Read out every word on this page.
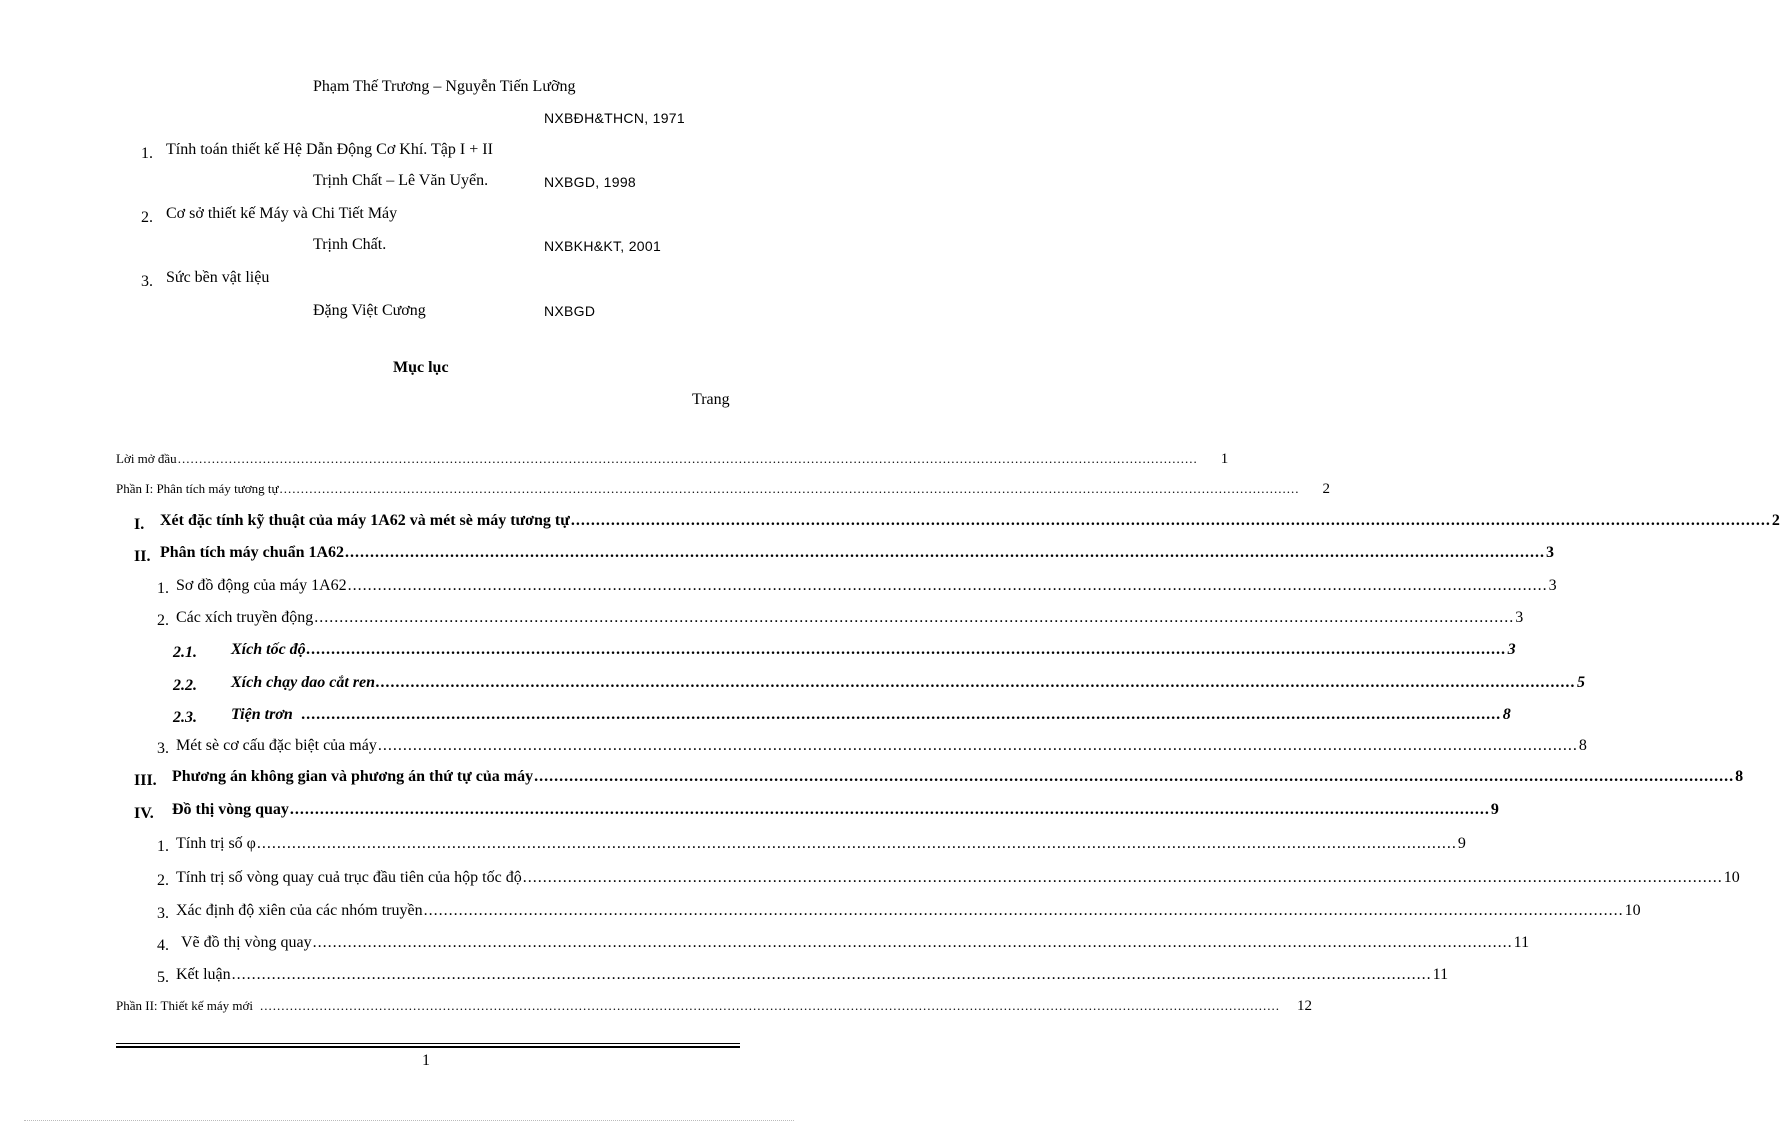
Phạm Thế Trương – Nguyễn Tiến Lưỡng
NXBĐH&THCN, 1971
1. Tính toán thiết kế Hệ Dẫn Động Cơ Khí. Tập I + II
Trịnh Chất – Lê Văn Uyển.	NXBGD, 1998
2. Cơ sở thiết kế Máy và Chi Tiết Máy
Trịnh Chất.	NXBKH&KT, 2001
3. Sức bền vật liệu
Đặng Việt Cương	NXBGD
Mục lục
Trang
Lời mở đầu ................................................................................................................................................................................................................................................	1
Phần I: Phân tích máy tương tự ................................................................................................................................................................................................................................................	2
I. Xét đặc tính kỹ thuật của máy 1A62 và mét sè máy tương tự ................................................................................................................................................................................................................................................ 2
II. Phân tích máy chuẩn 1A62 ................................................................................................................................................................................................................................................ 3
1. Sơ đồ động của máy 1A62 ................................................................................................................................................................................................................................................ 3
2. Các xích truyền động ................................................................................................................................................................................................................................................ 3
2.1.	Xích tốc độ ................................................................................................................................................................................................................................................ 3
2.2.	Xích chạy dao cắt ren ................................................................................................................................................................................................................................................ 5
2.3.	Tiện trơn ................................................................................................................................................................................................................................................ 8
3. Mét sè cơ cấu đặc biệt của máy ................................................................................................................................................................................................................................................ 8
III. Phương án không gian và phương án thứ tự của máy ................................................................................................................................................................................................................................................ 8
IV.	Đồ thị vòng quay ................................................................................................................................................................................................................................................ 9
1. Tính trị số φ ................................................................................................................................................................................................................................................ 9
2. Tính trị số vòng quay cuả trục đầu tiên của hộp tốc độ ................................................................................................................................................................................................................................................ 10
3. Xác định độ xiên của các nhóm truyền ................................................................................................................................................................................................................................................ 10
4. Vẽ đồ thị vòng quay ................................................................................................................................................................................................................................................ 11
5. Kết luận ................................................................................................................................................................................................................................................ 11
Phần II: Thiết kế máy mới ................................................................................................................................................................................................................................................	12
1
